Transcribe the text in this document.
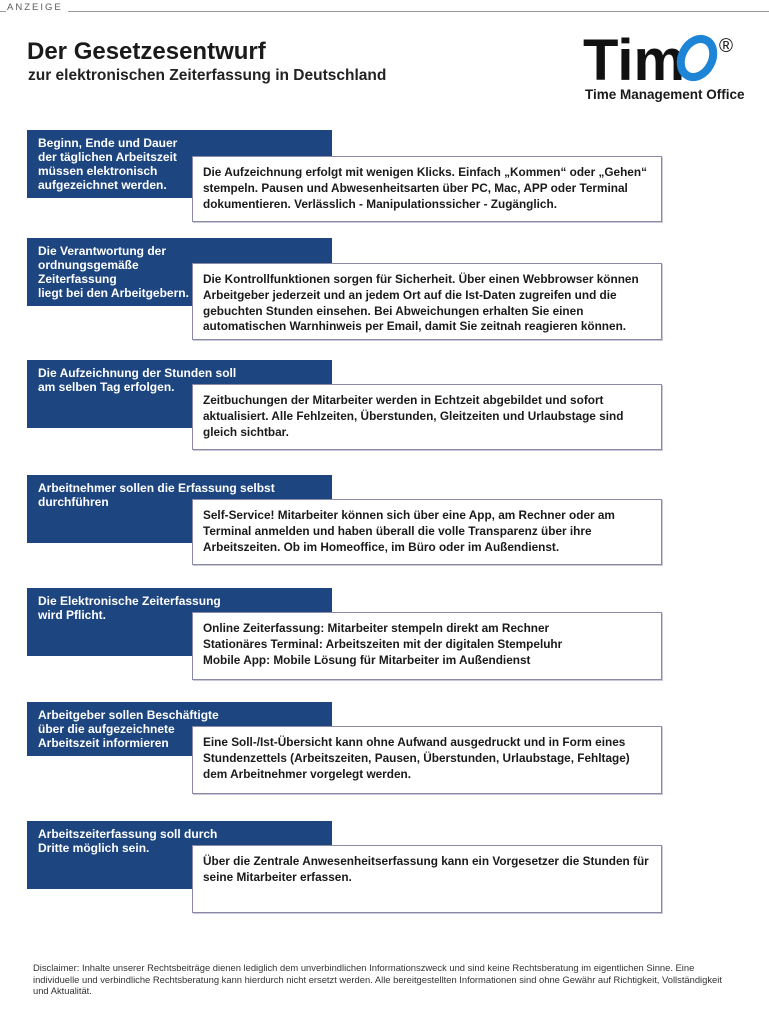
ANZEIGE
Der Gesetzesentwurf
zur elektronischen Zeiterfassung in Deutschland	Tim ®
Time Management Office
Beginn, Ende und Dauer
der täglichen Arbeitszeit
müssen elektronisch
aufgezeichnet werden.
Die Aufzeichnung erfolgt mit wenigen Klicks. Einfach „Kommen“ oder „Gehen“
stempeln. Pausen und Abwesenheitsarten über PC, Mac, APP oder Terminal
dokumentieren. Verlässlich - Manipulationssicher - Zugänglich.
Die Verantwortung der
ordnungsgemäße
Zeiterfassung
liegt bei den Arbeitgebern.
Die Kontrollfunktionen sorgen für Sicherheit. Über einen Webbrowser können
Arbeitgeber jederzeit und an jedem Ort auf die Ist-Daten zugreifen und die
gebuchten Stunden einsehen. Bei Abweichungen erhalten Sie einen
automatischen Warnhinweis per Email, damit Sie zeitnah reagieren können.
Die Aufzeichnung der Stunden soll
am selben Tag erfolgen.
Zeitbuchungen der Mitarbeiter werden in Echtzeit abgebildet und sofort
aktualisiert. Alle Fehlzeiten, Überstunden, Gleitzeiten und Urlaubstage sind
gleich sichtbar.
Arbeitnehmer sollen die Erfassung selbst
durchführen
Self-Service! Mitarbeiter können sich über eine App, am Rechner oder am
Terminal anmelden und haben überall die volle Transparenz über ihre
Arbeitszeiten. Ob im Homeoffice, im Büro oder im Außendienst.
Die Elektronische Zeiterfassung
wird Pflicht.
Online Zeiterfassung: Mitarbeiter stempeln direkt am Rechner
Stationäres Terminal: Arbeitszeiten mit der digitalen Stempeluhr
Mobile App: Mobile Lösung für Mitarbeiter im Außendienst
Arbeitgeber sollen Beschäftigte
über die aufgezeichnete
Arbeitszeit informieren	Eine Soll-/Ist-Übersicht kann ohne Aufwand ausgedruckt und in Form eines
Stundenzettels (Arbeitszeiten, Pausen, Überstunden, Urlaubstage, Fehltage)
dem Arbeitnehmer vorgelegt werden.
Arbeitszeiterfassung soll durch
Dritte möglich sein.
Über die Zentrale Anwesenheitserfassung kann ein Vorgesetzer die Stunden für
seine Mitarbeiter erfassen.
Disclaimer: Inhalte unserer Rechtsbeiträge dienen lediglich dem unverbindlichen Informationszweck und sind keine Rechtsberatung im eigentlichen Sinne. Eine individuelle und verbindliche Rechtsberatung kann hierdurch nicht ersetzt werden. Alle bereitgestellten Informationen sind ohne Gewähr auf Richtigkeit, Vollständigkeit und Aktualität.
